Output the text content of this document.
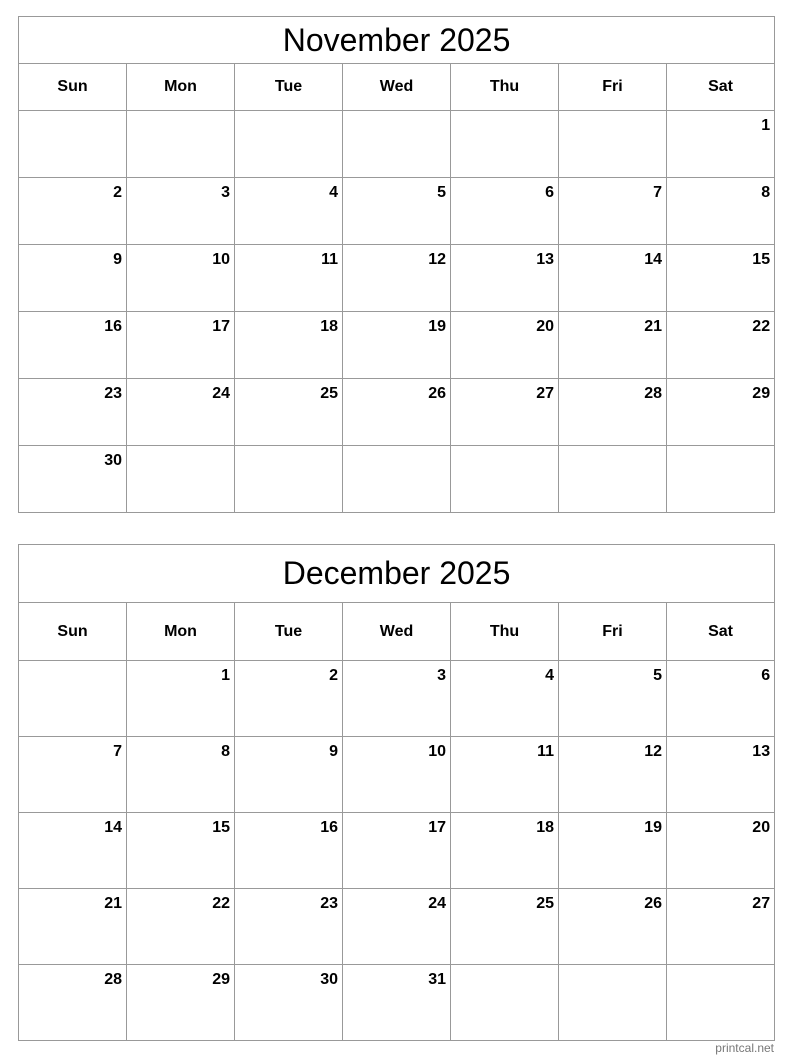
November 2025						
Sun	Mon	Tue	Wed	Thu	Fri	Sat
						1
2	3	4	5	6	7	8
9	10	11	12	13	14	15
16	17	18	19	20	21	22
23	24	25	26	27	28	29
30						
December 2025						
Sun	Mon	Tue	Wed	Thu	Fri	Sat
	1	2	3	4	5	6
7	8	9	10	11	12	13
14	15	16	17	18	19	20
21	22	23	24	25	26	27
28	29	30	31			
printcal.net
